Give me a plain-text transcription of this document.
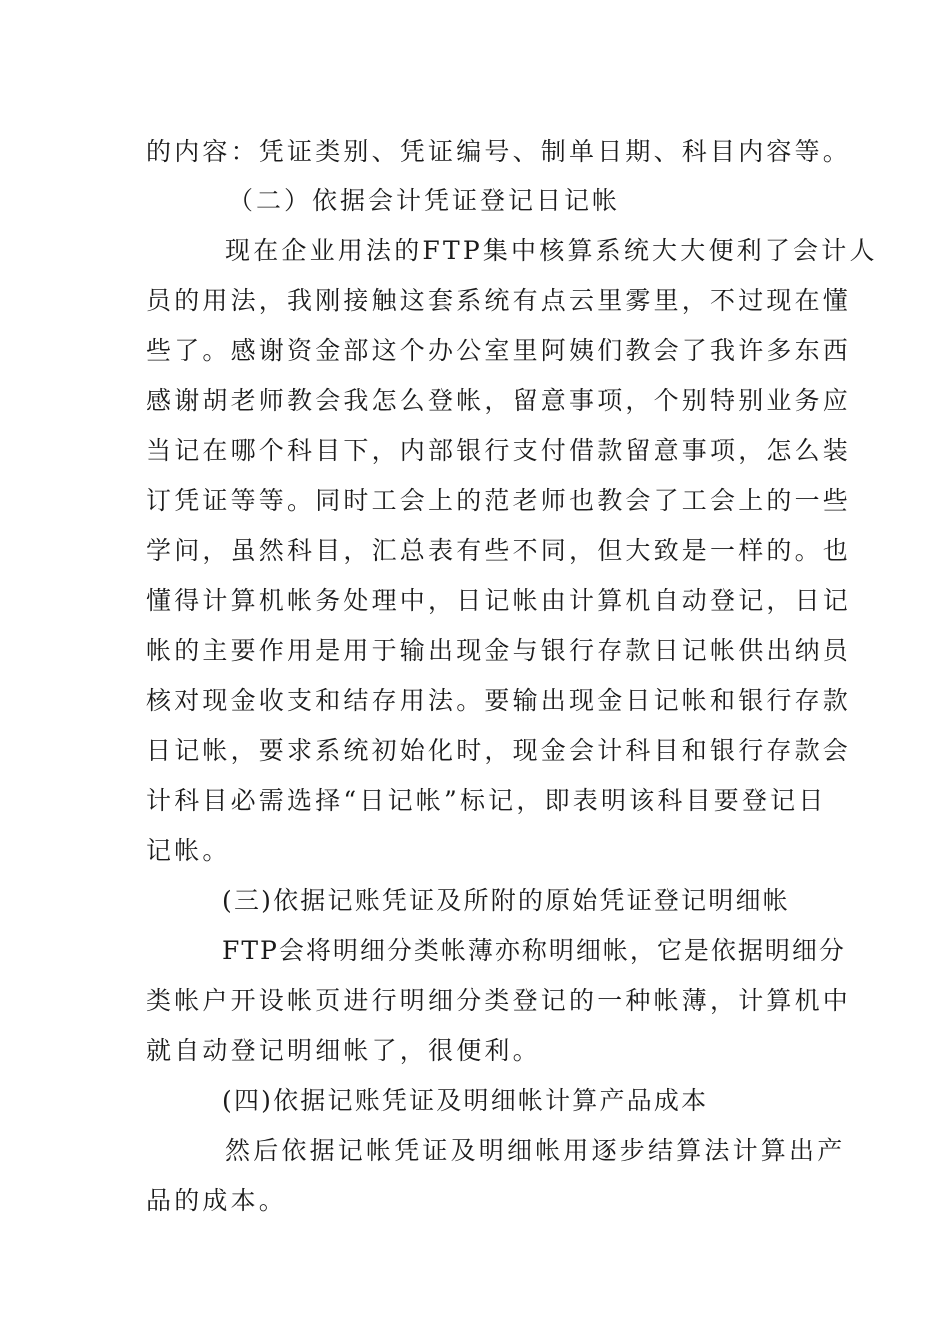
的内容：凭证类别、凭证编号、制单日期、科目内容等。
（二）依据会计凭证登记日记帐
现在企业用法的FTP集中核算系统大大便利了会计人
员的用法，我刚接触这套系统有点云里雾里，不过现在懂
些了。感谢资金部这个办公室里阿姨们教会了我许多东西
感谢胡老师教会我怎么登帐，留意事项，个别特别业务应
当记在哪个科目下，内部银行支付借款留意事项，怎么装
订凭证等等。同时工会上的范老师也教会了工会上的一些
学问，虽然科目，汇总表有些不同，但大致是一样的。也
懂得计算机帐务处理中，日记帐由计算机自动登记，日记
帐的主要作用是用于输出现金与银行存款日记帐供出纳员
核对现金收支和结存用法。要输出现金日记帐和银行存款
日记帐，要求系统初始化时，现金会计科目和银行存款会
计科目必需选择“日记帐”标记，即表明该科目要登记日
记帐。
(三)依据记账凭证及所附的原始凭证登记明细帐
FTP会将明细分类帐薄亦称明细帐，它是依据明细分
类帐户开设帐页进行明细分类登记的一种帐薄，计算机中
就自动登记明细帐了，很便利。
(四)依据记账凭证及明细帐计算产品成本
然后依据记帐凭证及明细帐用逐步结算法计算出产
品的成本。
